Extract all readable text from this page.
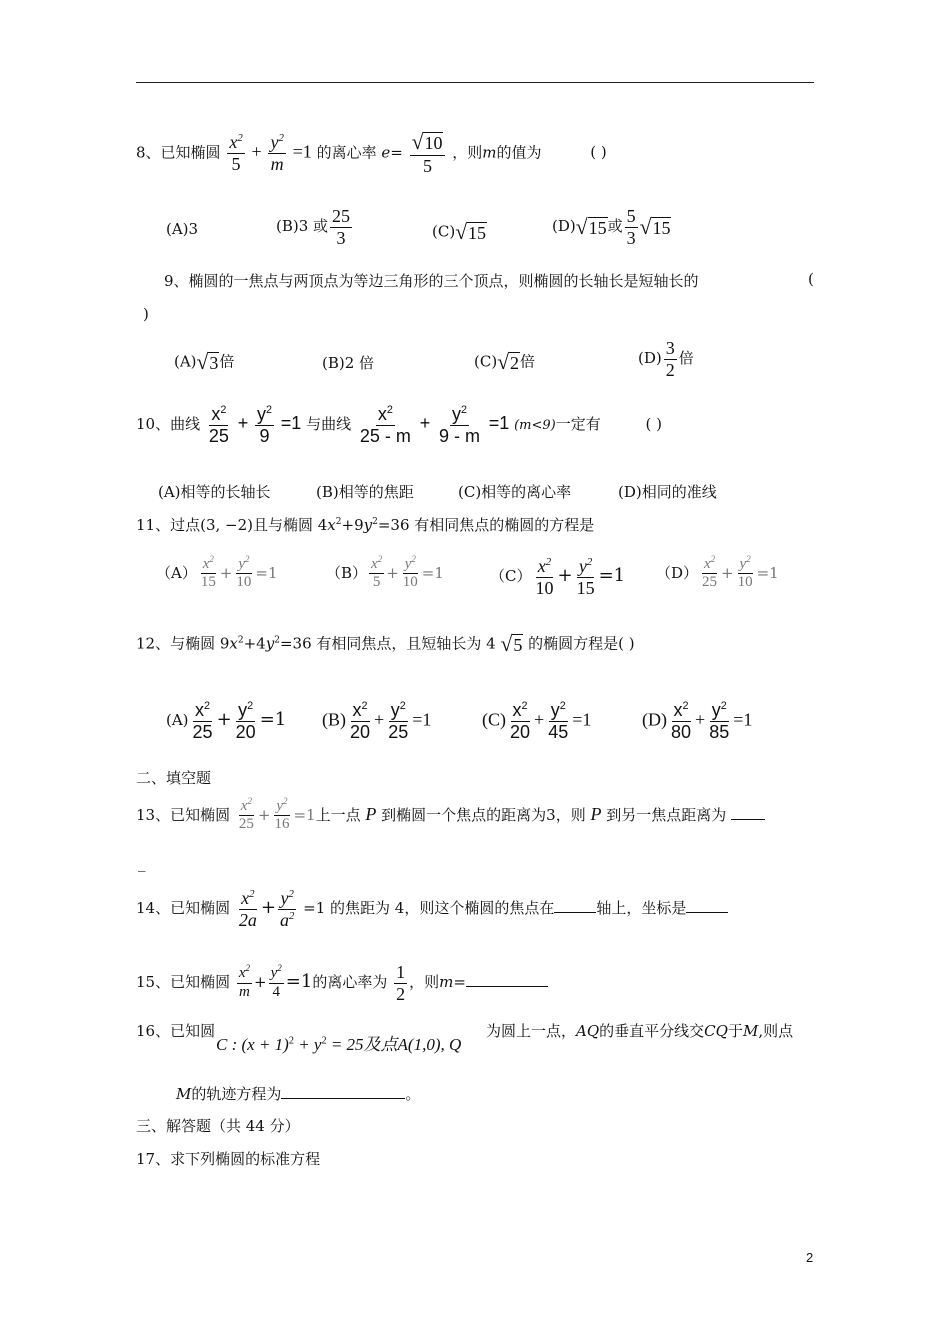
8、已知椭圆 $\frac{x^2}{5} + \frac{y^2}{m} =1$ 的离心率 $e= \frac{√10}{5}$ ，则m的值为	( )
(A)3	(B)3 或 $\frac{25}{3}$	(C)√15	(D)√15或 $\frac{5}{3} √15$
9、椭圆的一焦点与两顶点为等边三角形的三个顶点，则椭圆的长轴长是短轴长的	(
)
(A)√3倍	(B)2 倍	(C)√2倍	$(D) \frac{3}{2}$ 倍
10、曲线 $\frac{x^2}{25} + \frac{y^2}{9} =1$ 与曲线 $\frac{x^2}{25 - m} + \frac{y^2}{9 - m} =1$ (m<9)一定有	( )
(A)相等的长轴长	(B)相等的焦距	(C)相等的离心率	(D)相同的准线
11、过点(3, −2)且与椭圆 $4x^2+9y^2=36$ 有相同焦点的椭圆的方程是
$(A) \frac{x^2}{15} + \frac{y^2}{10} =1$	$(B) \frac{x^2}{5} + \frac{y^2}{10} =1$	$(C) \frac{x^2}{10} + \frac{y^2}{15} =1$ $(D) \frac{x^2}{25} + \frac{y^2}{10} =1$
12、与椭圆 $9x^2+4y^2=36$ 有相同焦点，且短轴长为 4 √5 的椭圆方程是( )
$(A) \frac{x^2}{25} + \frac{y^2}{20} =1$ $(B) \frac{x^2}{20} + \frac{y^2}{25} =1$	$(C) \frac{x^2}{20} + \frac{y^2}{45} =1$	$(D) \frac{x^2}{80} + \frac{y^2}{85} =1$
二、填空题
13、已知椭圆 $\frac{x^2}{25} + \frac{y^2}{16} =1$上一点 P 到椭圆一个焦点的距离为3，则 P 到另一焦点距离为
_
14、已知椭圆 $\frac{x^2}{2a} + \frac{y^2}{a^2} =1$ 的焦距为 4，则这个椭圆的焦点在	轴上，坐标是
15、已知椭圆 $\frac{x^2}{m} + \frac{y^2}{4} =1$的离心率为 $\frac{1}{2}$ ，则m=
16、已知圆
C : $(x + 1)^2 + y^2 = 25$及点A(1,0), Q
为圆上一点，AQ的垂直平分线交CQ于M,则点
M的轨迹方程为	。
三、解答题（共 44 分）
17、求下列椭圆的标准方程
2
